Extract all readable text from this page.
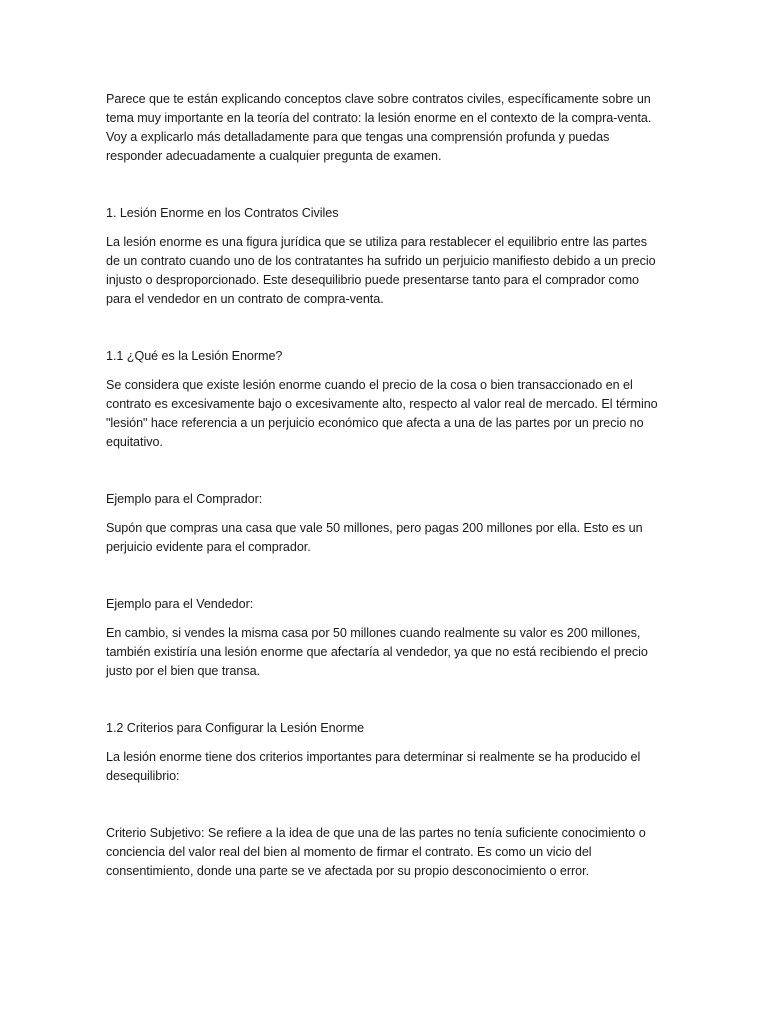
Parece que te están explicando conceptos clave sobre contratos civiles, específicamente sobre un tema muy importante en la teoría del contrato: la lesión enorme en el contexto de la compra-venta. Voy a explicarlo más detalladamente para que tengas una comprensión profunda y puedas responder adecuadamente a cualquier pregunta de examen.

1. Lesión Enorme en los Contratos Civiles

La lesión enorme es una figura jurídica que se utiliza para restablecer el equilibrio entre las partes de un contrato cuando uno de los contratantes ha sufrido un perjuicio manifiesto debido a un precio injusto o desproporcionado. Este desequilibrio puede presentarse tanto para el comprador como para el vendedor en un contrato de compra-venta.

1.1 ¿Qué es la Lesión Enorme?

Se considera que existe lesión enorme cuando el precio de la cosa o bien transaccionado en el contrato es excesivamente bajo o excesivamente alto, respecto al valor real de mercado. El término "lesión" hace referencia a un perjuicio económico que afecta a una de las partes por un precio no equitativo.

Ejemplo para el Comprador:

Supón que compras una casa que vale 50 millones, pero pagas 200 millones por ella. Esto es un perjuicio evidente para el comprador.

Ejemplo para el Vendedor:

En cambio, si vendes la misma casa por 50 millones cuando realmente su valor es 200 millones, también existiría una lesión enorme que afectaría al vendedor, ya que no está recibiendo el precio justo por el bien que transa.

1.2 Criterios para Configurar la Lesión Enorme

La lesión enorme tiene dos criterios importantes para determinar si realmente se ha producido el desequilibrio:

Criterio Subjetivo: Se refiere a la idea de que una de las partes no tenía suficiente conocimiento o conciencia del valor real del bien al momento de firmar el contrato. Es como un vicio del consentimiento, donde una parte se ve afectada por su propio desconocimiento o error.
